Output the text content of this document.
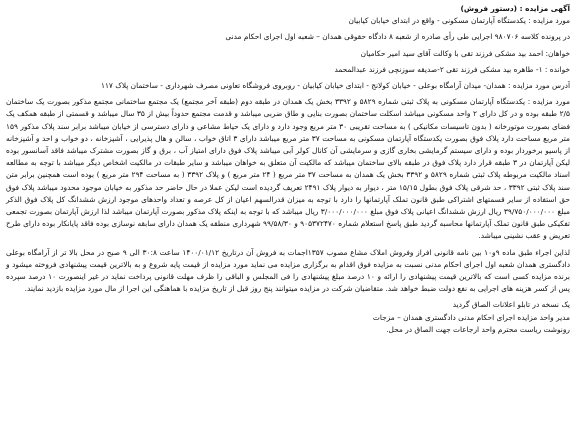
آگهی مزایده : (دستور فروش)
مورد مزایده : یکدستگاه آپارتمان مسکونی - واقع در ابتدای خیابان کیابیان
در پرونده کلاسه ۹۸۰۷۰۶ اجرایی طی رأی صادره از شعبه ۸ دادگاه حقوقی همدان – شعبه اول اجرای احکام مدنی
خواهان: احمد بید مشکی فرزند تقی با وکالت آقای سید امیر حکامیان
خوانده : ۱- طاهره بید مشکی فرزند تقی ۲-صدیقه سوزنچی فرزند عبدالمحمد
آدرس مورد مزایده : همدان- میدان آرامگاه بوعلی - خیابان کولانج - ابتدای خیابان کیابیان - روبروی فروشگاه تعاونی مصرف شهرداری - ساختمان پلاک ۱۱۷
مورد مزایده : یکدستگاه آپارتمان مسکونی به پلاک ثبتی شماره ۵۸۲۹ و ۳۳۹۲ بخش یک همدان در طبقه دوم (طبقه آخر مجتمع) یک مجتمع ساختمانی مجتمع مذکور بصورت یک ساختمان ۲/۵ طبقه بوده و در کل دارای ۲ واحد مسکونی میباشد اسکلت ساختمان بصورت بنایی و طاق ضربی میباشد و قدمت مجتمع حدوداً بیش از ۳۵ سال میباشد و قسمتی از طبقه همکف یک فضای بصورت موتورخانه ( بدون تاسیسات مکانیکی ) به مساحت تقریبی ۳۰ متر مربع وجود دارد و دارای یک حیاط مشاعی و دارای دسترسی از خیابان میباشد برابر سند پلاک مذکور ۱۵۹ متر مربع مساحت دارد پلاک فوق بصورت یکدستگاه آپارتمان مسکونی به مساحت ۳۷ متر مربع میباشد دارای ۳ اتاق خواب ، سالن و هال پذیرایی ، آشپزخانه ، دو خواب و احد و آشپزخانه از پاسیو برخوردار بوده و دارای سیستم گرمایشی بخاری گازی و سرمایشی آن کانال کولر آبی میباشد پلاک فوق دارای امتیاز آب ، برق و گاز بصورت مشترک میباشد فاقد آسانسور بوده لیکن آپارتمان در ۳ طبقه قرار دارد پلاک فوق در طبقه بالای ساختمان میباشد که مالکیت آن متعلق به خواهان میباشد و سایر طبقات در مالکیت اشخاص دیگر میباشد با توجه به مطالعه اسناد مالکیت مربوطه پلاک ثبتی شماره ۵۸۲۹ و ۳۳۹۲ بخش یک همدان به مساحت ۳۷ متر مربع ( ۲۴ متر مربع ) و پلاک ۳۳۹۲ ( به مساحت ۲۹۴ متر مربع ) بوده است همچنین برابر متن سند پلاک ثبتی ۳۳۹۲ ، حد شرقی پلاک فوق بطول ۱۵/۱۵ متر ، دیوار به دیوار پلاک ۲۴۹۱ تعریف گردیده است لیکن عملا در حال حاضر حد مذکور به خیابان موجود محدود میباشد پلاک فوق حق استفاده از سایر قسمتهای اشتراکی طبق قانون تملک آپارتمانها را دارد با توجه به میزان قدرالسهم اعیان از کل عرصه و تعداد واحدهای موجود ارزش ششدانگ کل پلاک فوق الذکر مبلغ ۳۹/۷۵۰/۰۰۰/۰۰۰ ریال ارزش ششدانگ اعیانی پلاک فوق مبلغ ۳/۰۰۰/۰۰۰/۰۰۰ ریال میباشد که با توجه به اینکه پلاک مذکور بصورت آپارتمان میباشد لذا ارزش آپارتمان بصورت تجمعی تفکیکی طبق قانون تملک آپارتمانها محاسبه گردید طبق پاسخ استعلام شماره ۹۰۵۳۷۲۴۷۰ و ۹۹/۵۸/۳۰ شهرداری منطقه یک همدان دارای سابقه نوسازی بوده فاقد پایانکار بوده دارای طرح تعریض و عقب نشینی میباشد.
لذاین اجراء طبق ماده ۹و۱۰ بین نامه قانونی افراز وفروش املاک مشاع مصوب ۱۳۵۷اجمات به فروش آن درتاریخ ۱۴۰۰/۰۱/۱۲ ساعت ۳۰:۸ الی ۹ صبح در محل بالا تر از آرامگاه بوعلی دادگستری همدان شعبه اول اجرای احکام مدنی نسبت به مزایده فوق اقدام به برگزاری مزایده می نماید مورد مزایده از قیمت پایه شروع و به بالاترین قیمت پیشنهادی فروخته میشود و برنده مزایده کسی است که بالاترین قیمت پیشنهادی را ارائه و ۱۰ درصد مبلغ پیشنهادی را فی المجلس و الباقی را ظرف مهلت قانونی پرداخت نماید در غیر اینصورت ۱۰ درصد سپرده پس از کسر هزینه های اجرایی به نفع دولت ضبط خواهد شد. متقاضیان شرکت در مزایده میتوانند پنج روز قبل از تاریخ مزایده با هماهنگی این اجرا از مال مورد مزایده بازدید نمایند.
یک نسخه در تابلو اعلانات الصاق گردید
مدیر واحد مزایده اجرای احکام مدنی دادگستری همدان – مزجات
رونوشت ریاست محترم واحد ارجاعات جهت الصاق در محل.
